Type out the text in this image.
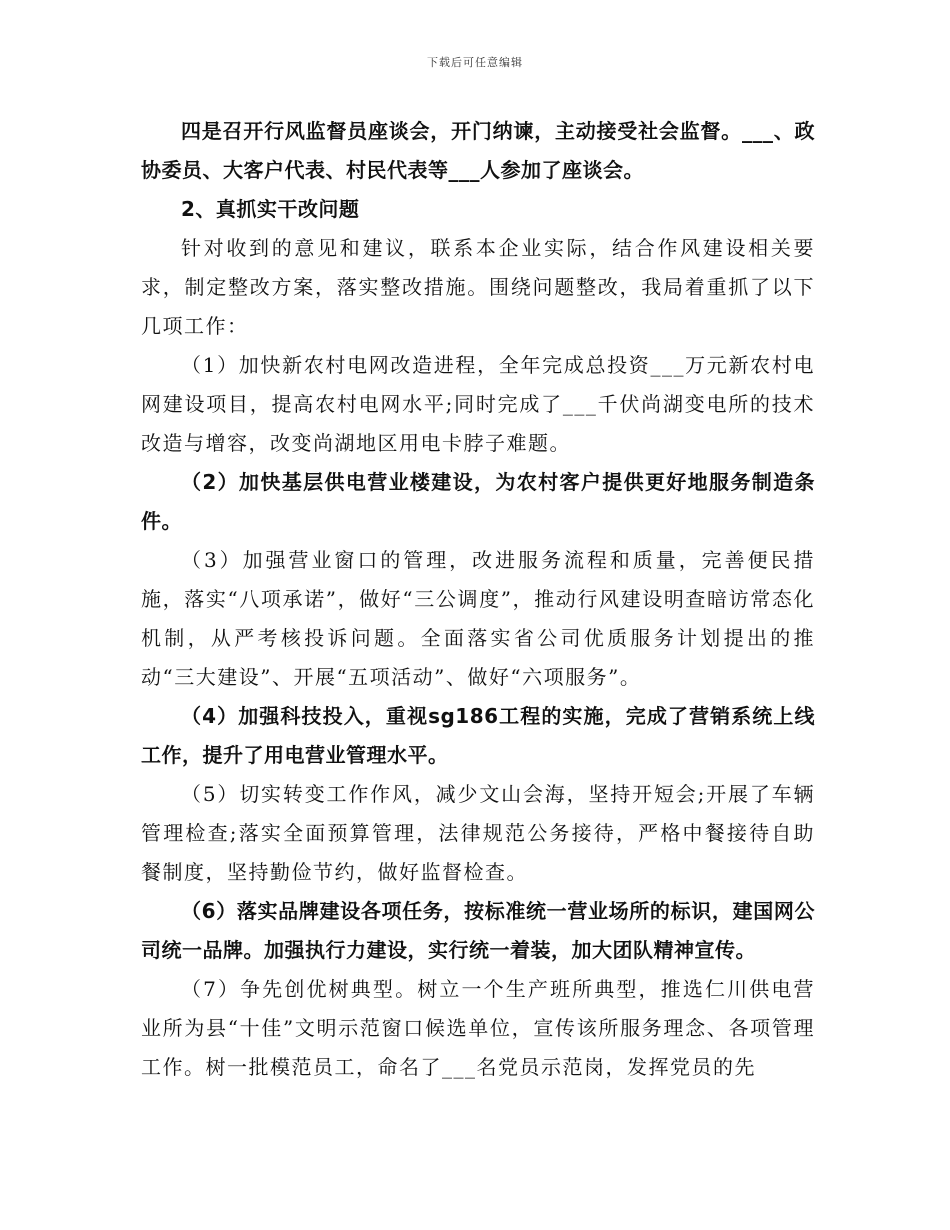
下载后可任意编辑

四是召开行风监督员座谈会，开门纳谏，主动接受社会监督。___、政协委员、大客户代表、村民代表等___人参加了座谈会。

2、真抓实干改问题

针对收到的意见和建议，联系本企业实际，结合作风建设相关要求，制定整改方案，落实整改措施。围绕问题整改，我局着重抓了以下几项工作：

（1）加快新农村电网改造进程，全年完成总投资___万元新农村电网建设项目，提高农村电网水平;同时完成了___千伏尚湖变电所的技术改造与增容，改变尚湖地区用电卡脖子难题。

（2）加快基层供电营业楼建设，为农村客户提供更好地服务制造条件。

（3）加强营业窗口的管理，改进服务流程和质量，完善便民措施，落实“八项承诺”，做好“三公调度”，推动行风建设明查暗访常态化机制，从严考核投诉问题。全面落实省公司优质服务计划提出的推动“三大建设”、开展“五项活动”、做好“六项服务”。

（4）加强科技投入，重视sg186工程的实施，完成了营销系统上线工作，提升了用电营业管理水平。

（5）切实转变工作作风，减少文山会海，坚持开短会;开展了车辆管理检查;落实全面预算管理，法律规范公务接待，严格中餐接待自助餐制度，坚持勤俭节约，做好监督检查。

（6）落实品牌建设各项任务，按标准统一营业场所的标识，建国网公司统一品牌。加强执行力建设，实行统一着装，加大团队精神宣传。

（7）争先创优树典型。树立一个生产班所典型，推选仁川供电营业所为县“十佳”文明示范窗口候选单位，宣传该所服务理念、各项管理工作。树一批模范员工，命名了___名党员示范岗，发挥党员的先
